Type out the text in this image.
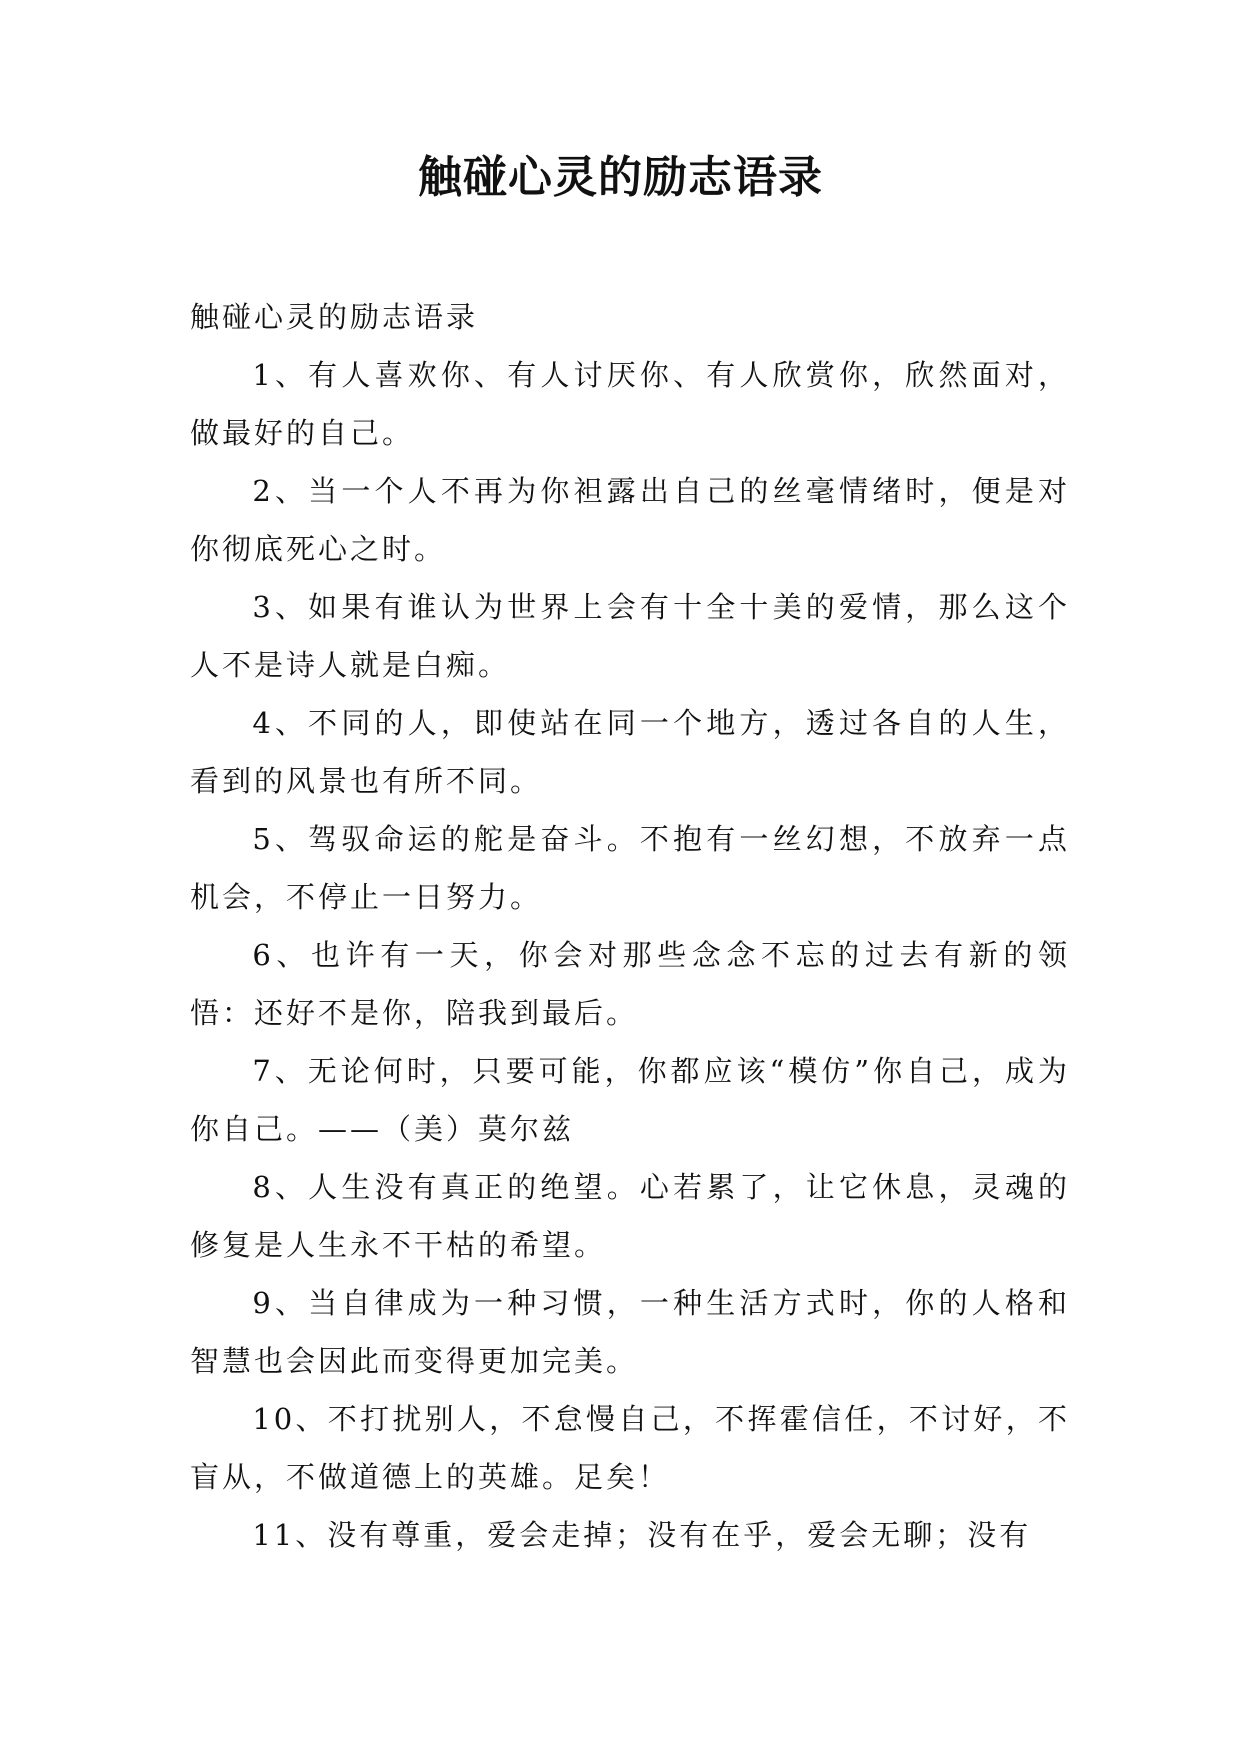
触碰心灵的励志语录

触碰心灵的励志语录

1、有人喜欢你、有人讨厌你、有人欣赏你，欣然面对，做最好的自己。

2、当一个人不再为你袒露出自己的丝毫情绪时，便是对你彻底死心之时。

3、如果有谁认为世界上会有十全十美的爱情，那么这个人不是诗人就是白痴。

4、不同的人，即使站在同一个地方，透过各自的人生，看到的风景也有所不同。

5、驾驭命运的舵是奋斗。不抱有一丝幻想，不放弃一点机会，不停止一日努力。

6、也许有一天，你会对那些念念不忘的过去有新的领悟：还好不是你，陪我到最后。

7、无论何时，只要可能，你都应该“模仿”你自己，成为你自己。——（美）莫尔兹

8、人生没有真正的绝望。心若累了，让它休息，灵魂的修复是人生永不干枯的希望。

9、当自律成为一种习惯，一种生活方式时，你的人格和智慧也会因此而变得更加完美。

10、不打扰别人，不怠慢自己，不挥霍信任，不讨好，不盲从，不做道德上的英雄。足矣！

11、没有尊重，爱会走掉；没有在乎，爱会无聊；没有
